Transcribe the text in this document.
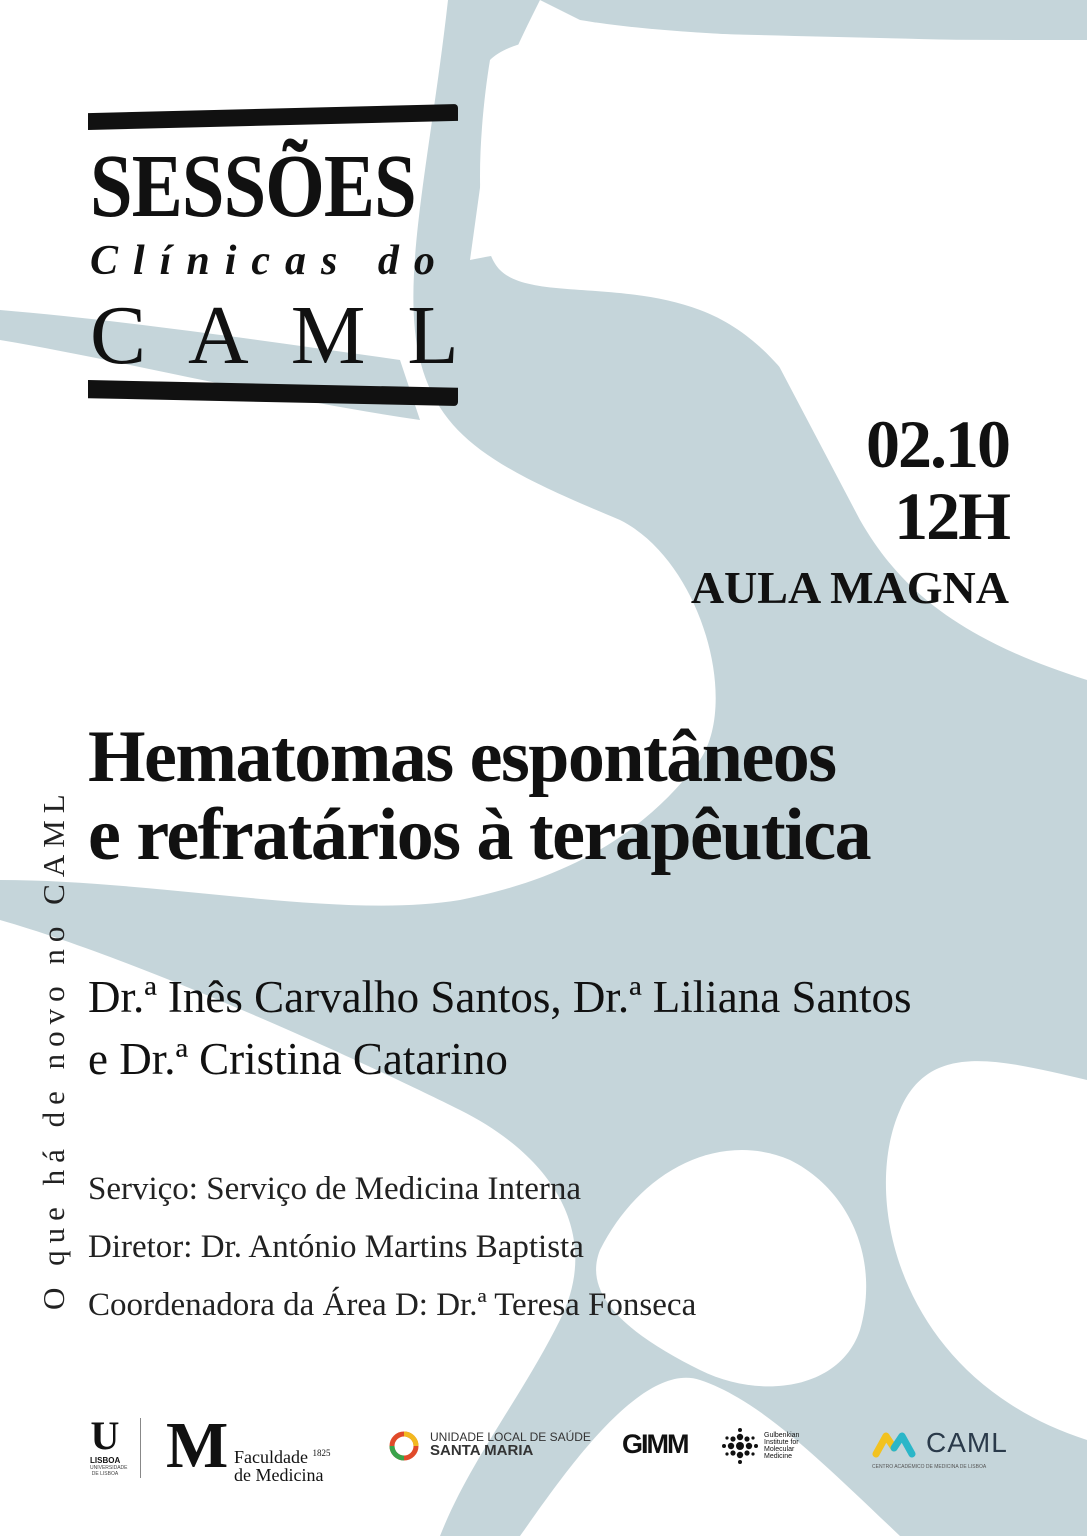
SESSÕES
Clínicas do
CAML
02.10
12H
AULA MAGNA
O que há de novo no CAML
Hematomas espontâneos
e refratários à terapêutica
Dr.ª Inês Carvalho Santos, Dr.ª Liliana Santos
e Dr.ª Cristina Catarino
Serviço: Serviço de Medicina Interna
Diretor: Dr. António Martins Baptista
Coordenadora da Área D: Dr.ª Teresa Fonseca
U
LISBOA
UNIVERSIDADE DE LISBOA M Faculdade $^{1825}$
de Medicina
UNIDADE LOCAL DE SAÚDE
SANTA MARIA	GIMM	Gulbenkian
Institute for
Molecular
Medicine	CAML
CENTRO ACADÉMICO DE MEDICINA DE LISBOA
